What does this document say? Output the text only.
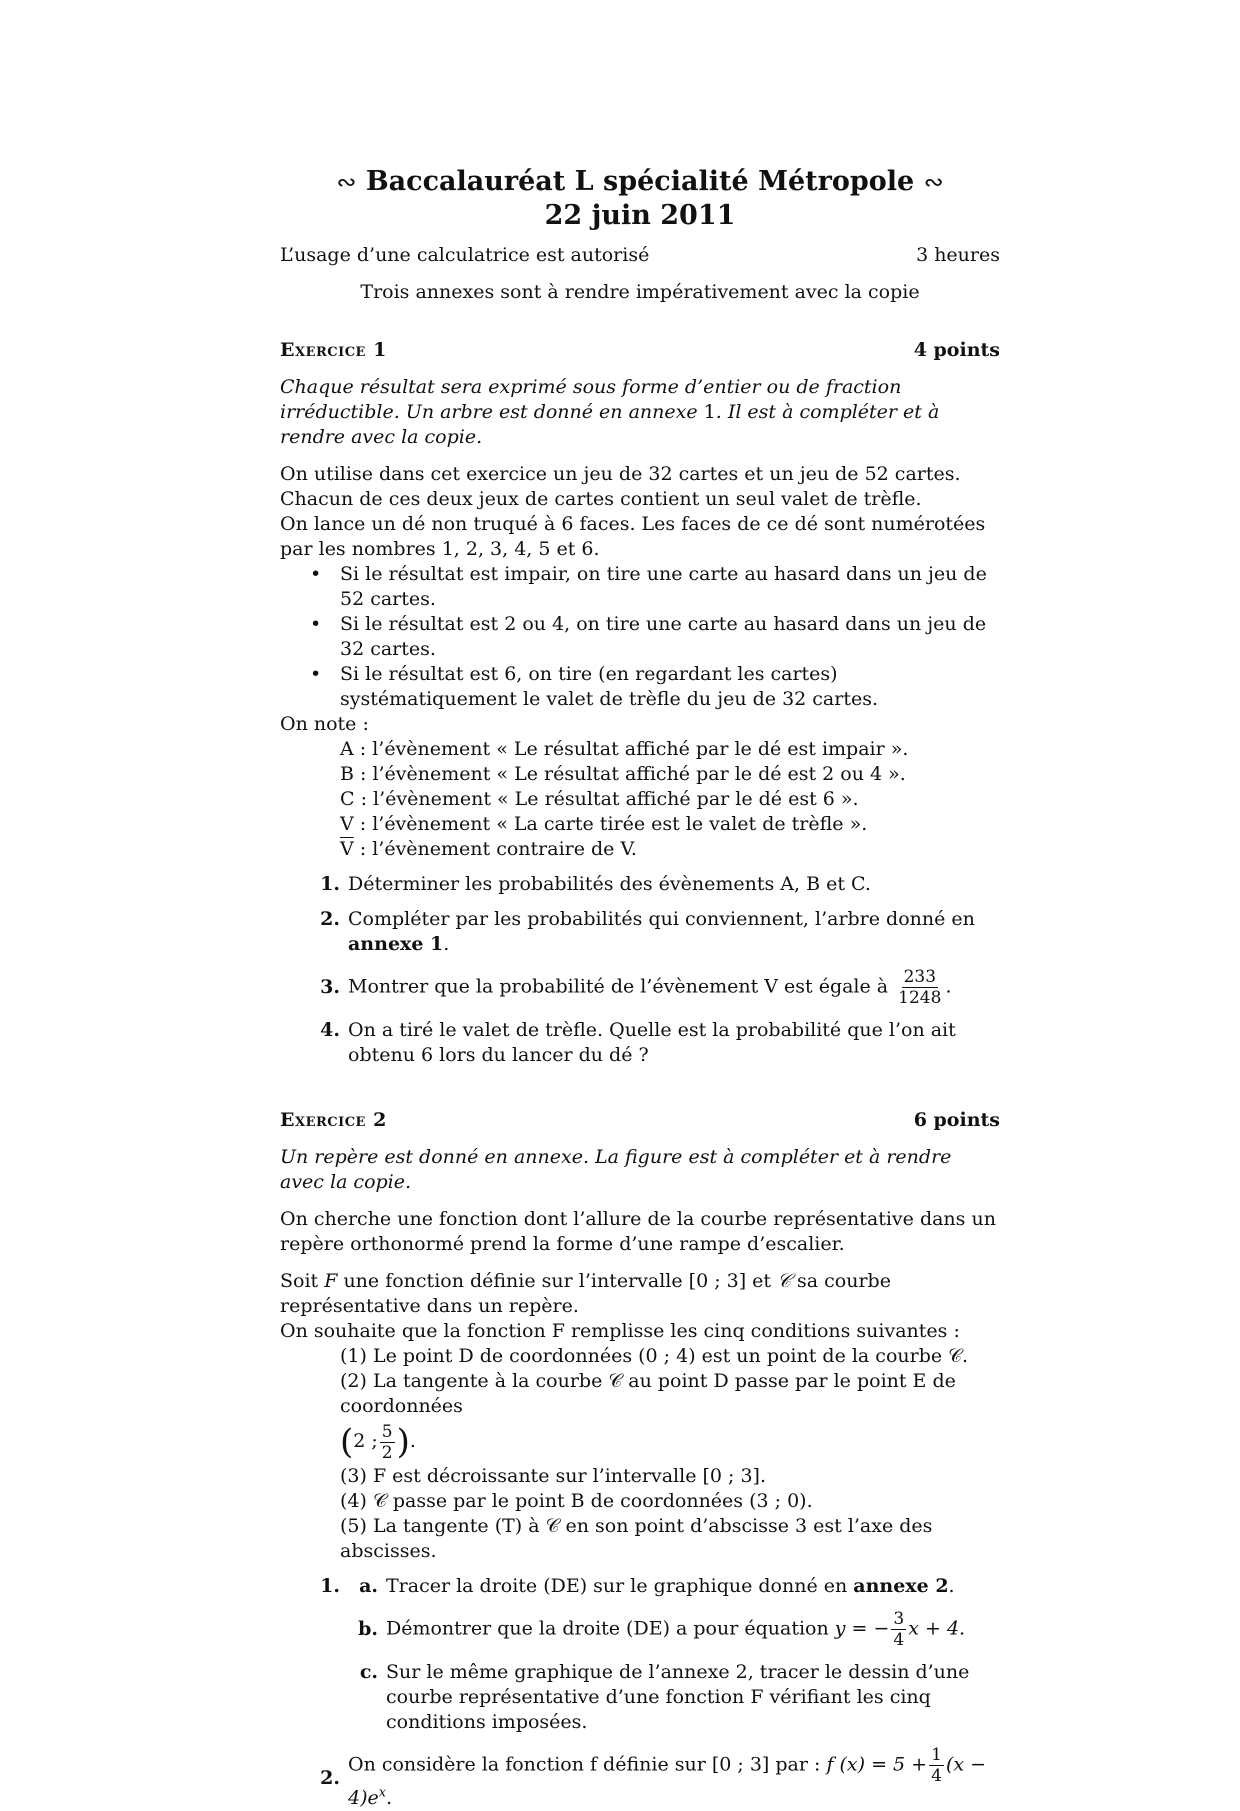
∾ Baccalauréat L spécialité Métropole ∾
22 juin 2011
L’usage d’une calculatrice est autorisé	3 heures
Trois annexes sont à rendre impérativement avec la copie
Exercice 1	4 points
Chaque résultat sera exprimé sous forme d’entier ou de fraction irréductible. Un arbre est donné en annexe 1. Il est à compléter et à rendre avec la copie.
On utilise dans cet exercice un jeu de 32 cartes et un jeu de 52 cartes.
Chacun de ces deux jeux de cartes contient un seul valet de trèfle.
On lance un dé non truqué à 6 faces. Les faces de ce dé sont numérotées par les nombres 1, 2, 3, 4, 5 et 6.
• Si le résultat est impair, on tire une carte au hasard dans un jeu de 52 cartes.
• Si le résultat est 2 ou 4, on tire une carte au hasard dans un jeu de 32 cartes.
• Si le résultat est 6, on tire (en regardant les cartes) systématiquement le valet de trèfle du jeu de 32 cartes.
On note :
A : l’évènement « Le résultat affiché par le dé est impair ».
B : l’évènement « Le résultat affiché par le dé est 2 ou 4 ».
C : l’évènement « Le résultat affiché par le dé est 6 ».
V : l’évènement « La carte tirée est le valet de trèfle ».
$\overline{V}$ : l’évènement contraire de V.
1. Déterminer les probabilités des évènements A, B et C.
2. Compléter par les probabilités qui conviennent, l’arbre donné en annexe 1.
3. Montrer que la probabilité de l’évènement V est égale à $\frac{233}{1248}$ .
4. On a tiré le valet de trèfle. Quelle est la probabilité que l’on ait obtenu 6 lors du lancer du dé ?
Exercice 2	6 points
Un repère est donné en annexe. La figure est à compléter et à rendre avec la copie.
On cherche une fonction dont l’allure de la courbe représentative dans un repère orthonormé prend la forme d’une rampe d’escalier.
Soit F une fonction définie sur l’intervalle [0 ; 3] et 𝒞 sa courbe représentative dans un repère.
On souhaite que la fonction F remplisse les cinq conditions suivantes :
(1) Le point D de coordonnées (0 ; 4) est un point de la courbe 𝒞.
(2) La tangente à la courbe 𝒞 au point D passe par le point E de coordonnées
(2 ; $\frac{5}{2}$ ).
(3) F est décroissante sur l’intervalle [0 ; 3].
(4) 𝒞 passe par le point B de coordonnées (3 ; 0).
(5) La tangente (T) à 𝒞 en son point d’abscisse 3 est l’axe des abscisses.
1.	a. Tracer la droite (DE) sur le graphique donné en annexe 2.
b. Démontrer que la droite (DE) a pour équation y = − $\frac{3}{4}$ x + 4.
c. Sur le même graphique de l’annexe 2, tracer le dessin d’une courbe représentative d’une fonction F vérifiant les cinq conditions imposées.
2.
On considère la fonction f définie sur [0 ; 3] par : f $(x) = 5 + \frac{1}{4} (x - 4)e^x$.
